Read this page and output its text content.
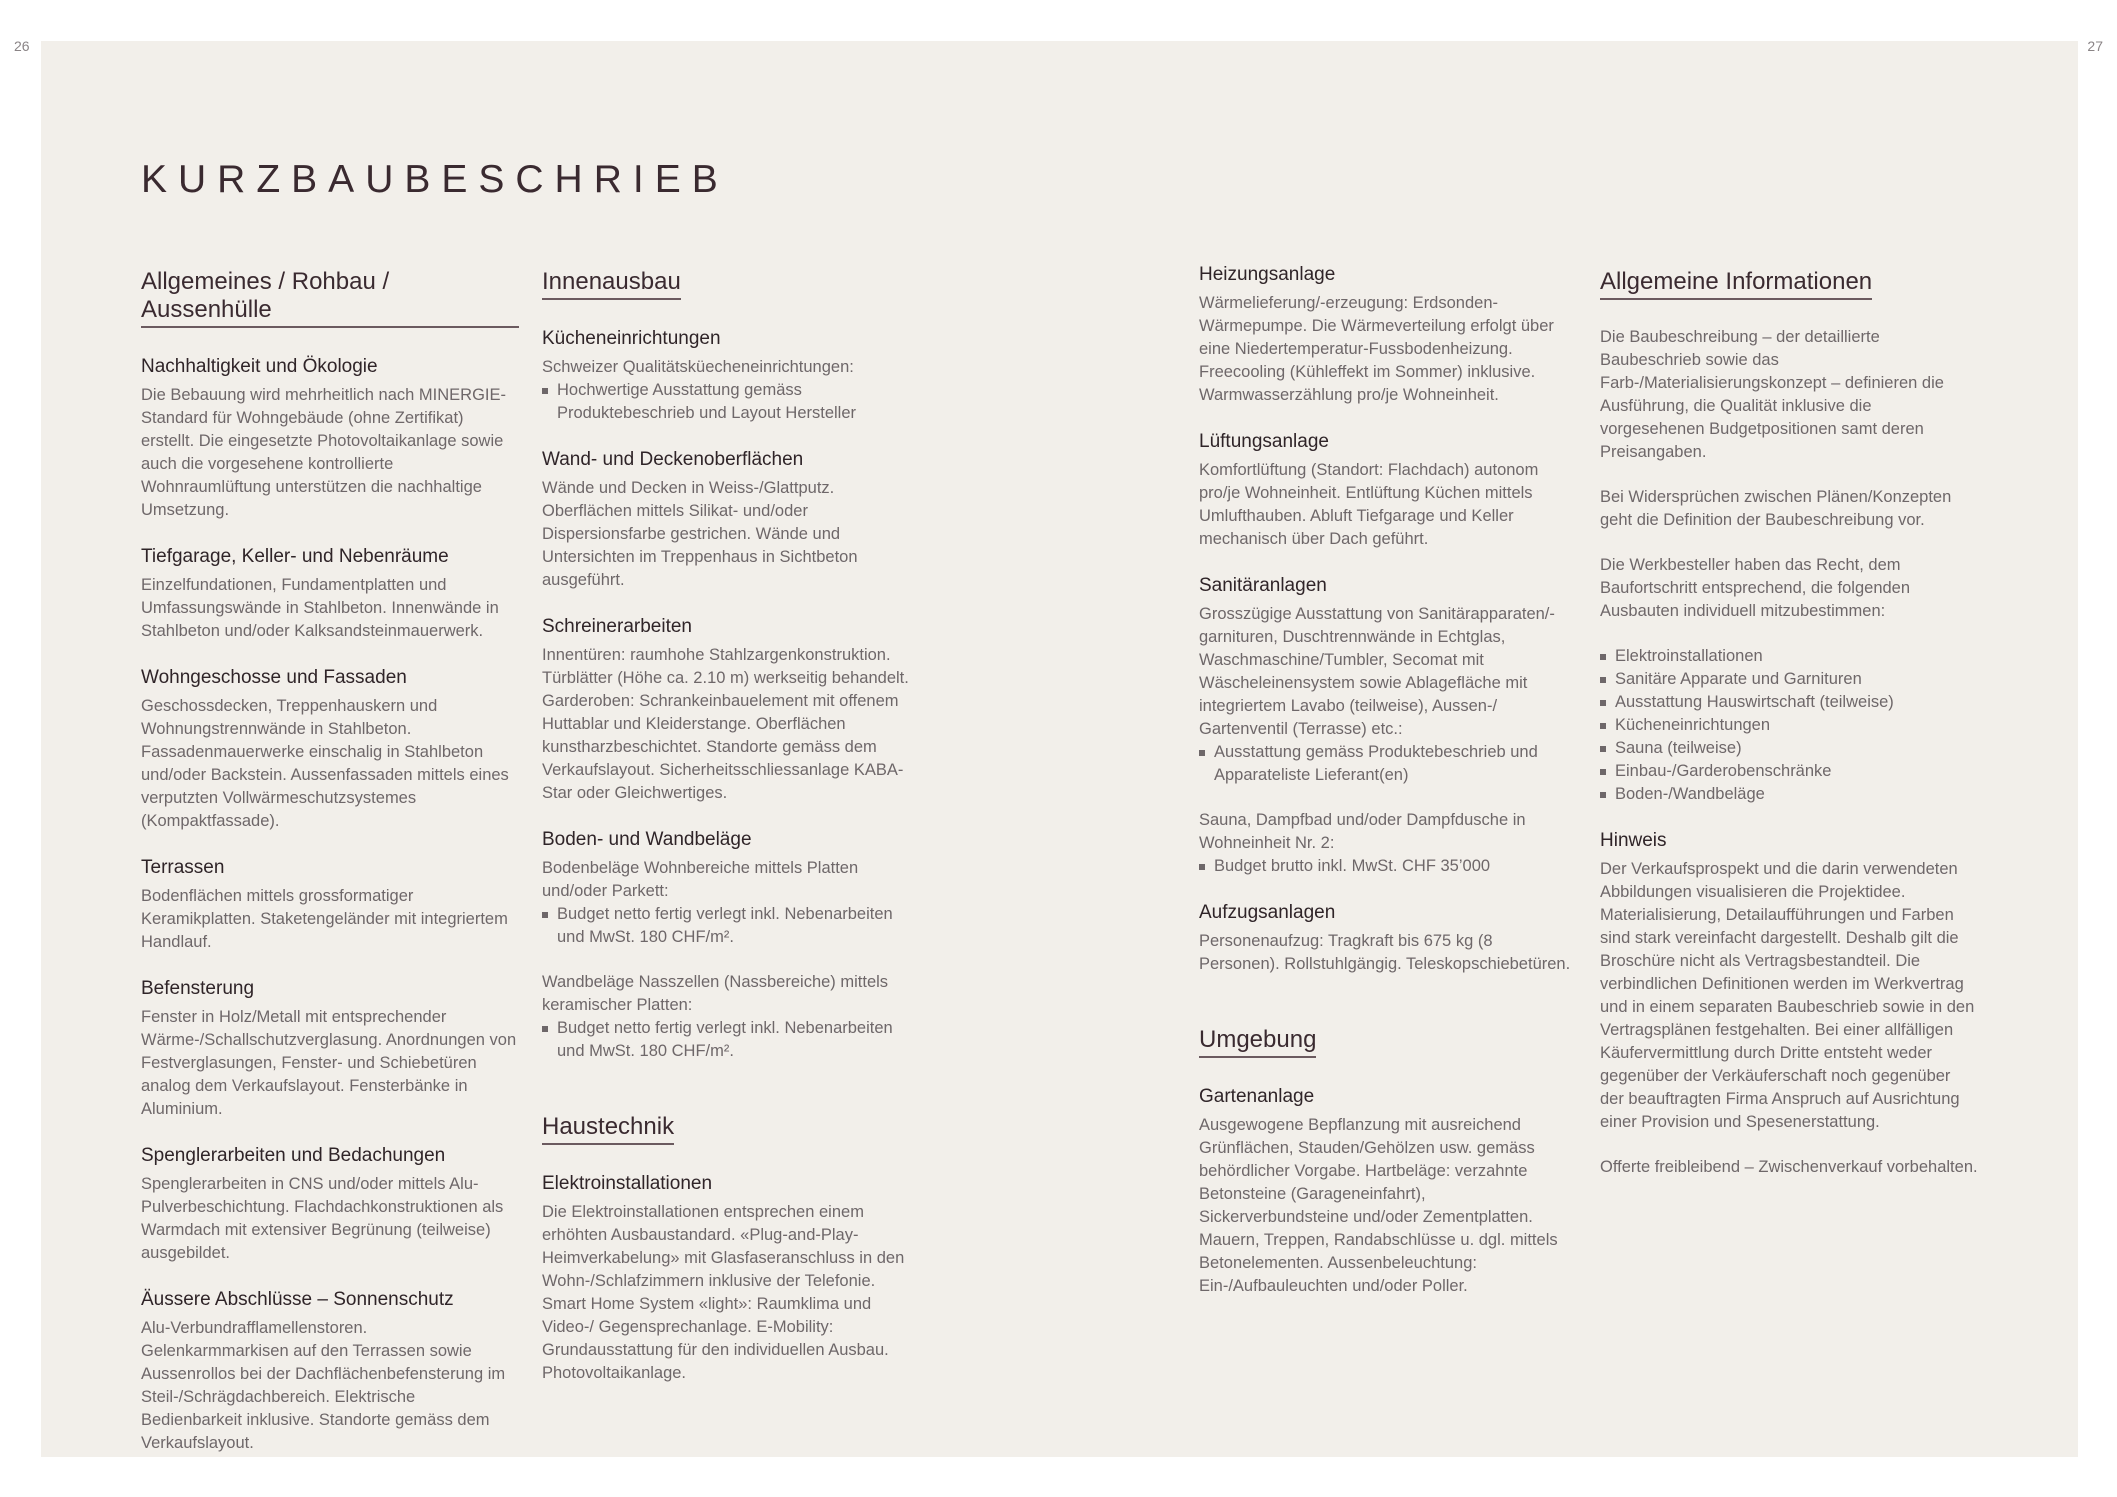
26	27
KURZBAUBESCHRIEB
Allgemeines / Rohbau / Aussenhülle
Nachhaltigkeit und Ökologie

Die Bebauung wird mehrheitlich nach MINERGIE-Standard für Wohngebäude (ohne Zertifikat) erstellt. Die eingesetzte Photovoltaikanlage sowie auch die vorgesehene kontrollierte Wohnraumlüftung unterstützen die nachhaltige Umsetzung.

Tiefgarage, Keller- und Nebenräume

Einzelfundationen, Fundamentplatten und Umfassungswände in Stahlbeton. Innenwände in Stahlbeton und/oder Kalksandsteinmauerwerk.

Wohngeschosse und Fassaden

Geschossdecken, Treppenhauskern und Wohnungstrennwände in Stahlbeton. Fassadenmauerwerke einschalig in Stahlbeton und/oder Backstein. Aussenfassaden mittels eines verputzten Vollwärmeschutzsystemes (Kompaktfassade).

Terrassen

Bodenflächen mittels grossformatiger Keramikplatten. Staketengeländer mit integriertem Handlauf.

Befensterung

Fenster in Holz/Metall mit entsprechender Wärme-/Schallschutzverglasung. Anordnungen von Festverglasungen, Fenster- und Schiebetüren analog dem Verkaufslayout. Fensterbänke in Aluminium.

Spenglerarbeiten und Bedachungen

Spenglerarbeiten in CNS und/oder mittels Alu-Pulverbeschichtung. Flachdachkonstruktionen als Warmdach mit extensiver Begrünung (teilweise) ausgebildet.

Äussere Abschlüsse – Sonnenschutz

Alu-Verbundrafflamellenstoren. Gelenkarmmarkisen auf den Terrassen sowie Aussenrollos bei der Dachflächenbefensterung im Steil-/Schrägdachbereich. Elektrische Bedienbarkeit inklusive. Standorte gemäss dem Verkaufslayout.

Innenausbau
Kücheneinrichtungen

Schweizer Qualitätsküecheneinrichtungen:

Hochwertige Ausstattung gemäss Produktebeschrieb und Layout Hersteller
Wand- und Deckenoberflächen

Wände und Decken in Weiss-/Glattputz. Oberflächen mittels Silikat- und/oder Dispersionsfarbe gestrichen. Wände und Untersichten im Treppenhaus in Sichtbeton ausgeführt.

Schreinerarbeiten

Innentüren: raumhohe Stahlzargenkonstruktion. Türblätter (Höhe ca. 2.10 m) werkseitig behandelt. Garderoben: Schrankeinbauelement mit offenem Huttablar und Kleiderstange. Oberflächen kunstharzbeschichtet. Standorte gemäss dem Verkaufslayout. Sicherheitsschliessanlage KABA-Star oder Gleichwertiges.

Boden- und Wandbeläge

Bodenbeläge Wohnbereiche mittels Platten und/oder Parkett:

Budget netto fertig verlegt inkl. Nebenarbeiten und MwSt. 180 CHF/m².

Wandbeläge Nasszellen (Nassbereiche) mittels keramischer Platten:

Budget netto fertig verlegt inkl. Nebenarbeiten und MwSt. 180 CHF/m².
Haustechnik
Elektroinstallationen

Die Elektroinstallationen entsprechen einem erhöhten Ausbaustandard. «Plug-and-Play-Heimverkabelung» mit Glasfaseranschluss in den Wohn-/Schlafzimmern inklusive der Telefonie. Smart Home System «light»: Raumklima und Video-/ Gegensprechanlage. E-Mobility: Grundausstattung für den individuellen Ausbau. Photovoltaikanlage.

Heizungsanlage

Wärmelieferung/-erzeugung: Erdsonden-Wärmepumpe. Die Wärmeverteilung erfolgt über eine Niedertemperatur-Fussbodenheizung. Freecooling (Kühleffekt im Sommer) inklusive. Warmwasserzählung pro/je Wohneinheit.

Lüftungsanlage

Komfortlüftung (Standort: Flachdach) autonom pro/je Wohneinheit. Entlüftung Küchen mittels Umlufthauben. Abluft Tiefgarage und Keller mechanisch über Dach geführt.

Sanitäranlagen

Grosszügige Ausstattung von Sanitärapparaten/-garnituren, Duschtrennwände in Echtglas, Waschmaschine/Tumbler, Secomat mit Wäscheleinensystem sowie Ablagefläche mit integriertem Lavabo (teilweise), Aussen-/ Gartenventil (Terrasse) etc.:

Ausstattung gemäss Produktebeschrieb und Apparateliste Lieferant(en)

Sauna, Dampfbad und/oder Dampfdusche in Wohneinheit Nr. 2:

Budget brutto inkl. MwSt. CHF 35’000
Aufzugsanlagen

Personenaufzug: Tragkraft bis 675 kg (8 Personen). Rollstuhlgängig. Teleskopschiebetüren.

Umgebung
Gartenanlage

Ausgewogene Bepflanzung mit ausreichend Grünflächen, Stauden/Gehölzen usw. gemäss behördlicher Vorgabe. Hartbeläge: verzahnte Betonsteine (Garageneinfahrt), Sickerverbundsteine und/oder Zementplatten. Mauern, Treppen, Randabschlüsse u. dgl. mittels Betonelementen. Aussenbeleuchtung: Ein-/Aufbauleuchten und/oder Poller.

Allgemeine Informationen

Die Baubeschreibung – der detaillierte Baubeschrieb sowie das Farb-/Materialisierungskonzept – definieren die Ausführung, die Qualität inklusive die vorgesehenen Budgetpositionen samt deren Preisangaben.

Bei Widersprüchen zwischen Plänen/Konzepten geht die Definition der Baubeschreibung vor.

Die Werkbesteller haben das Recht, dem Baufortschritt entsprechend, die folgenden Ausbauten individuell mitzubestimmen:

Elektroinstallationen
Sanitäre Apparate und Garnituren
Ausstattung Hauswirtschaft (teilweise)
Kücheneinrichtungen
Sauna (teilweise)
Einbau-/Garderobenschränke
Boden-/Wandbeläge
Hinweis

Der Verkaufsprospekt und die darin verwendeten Abbildungen visualisieren die Projektidee. Materialisierung, Detailaufführungen und Farben sind stark vereinfacht dargestellt. Deshalb gilt die Broschüre nicht als Vertragsbestandteil. Die verbindlichen Definitionen werden im Werkvertrag und in einem separaten Baubeschrieb sowie in den Vertragsplänen festgehalten. Bei einer allfälligen Käufervermittlung durch Dritte entsteht weder gegenüber der Verkäuferschaft noch gegenüber der beauftragten Firma Anspruch auf Ausrichtung einer Provision und Spesenerstattung.

Offerte freibleibend – Zwischenverkauf vorbehalten.
